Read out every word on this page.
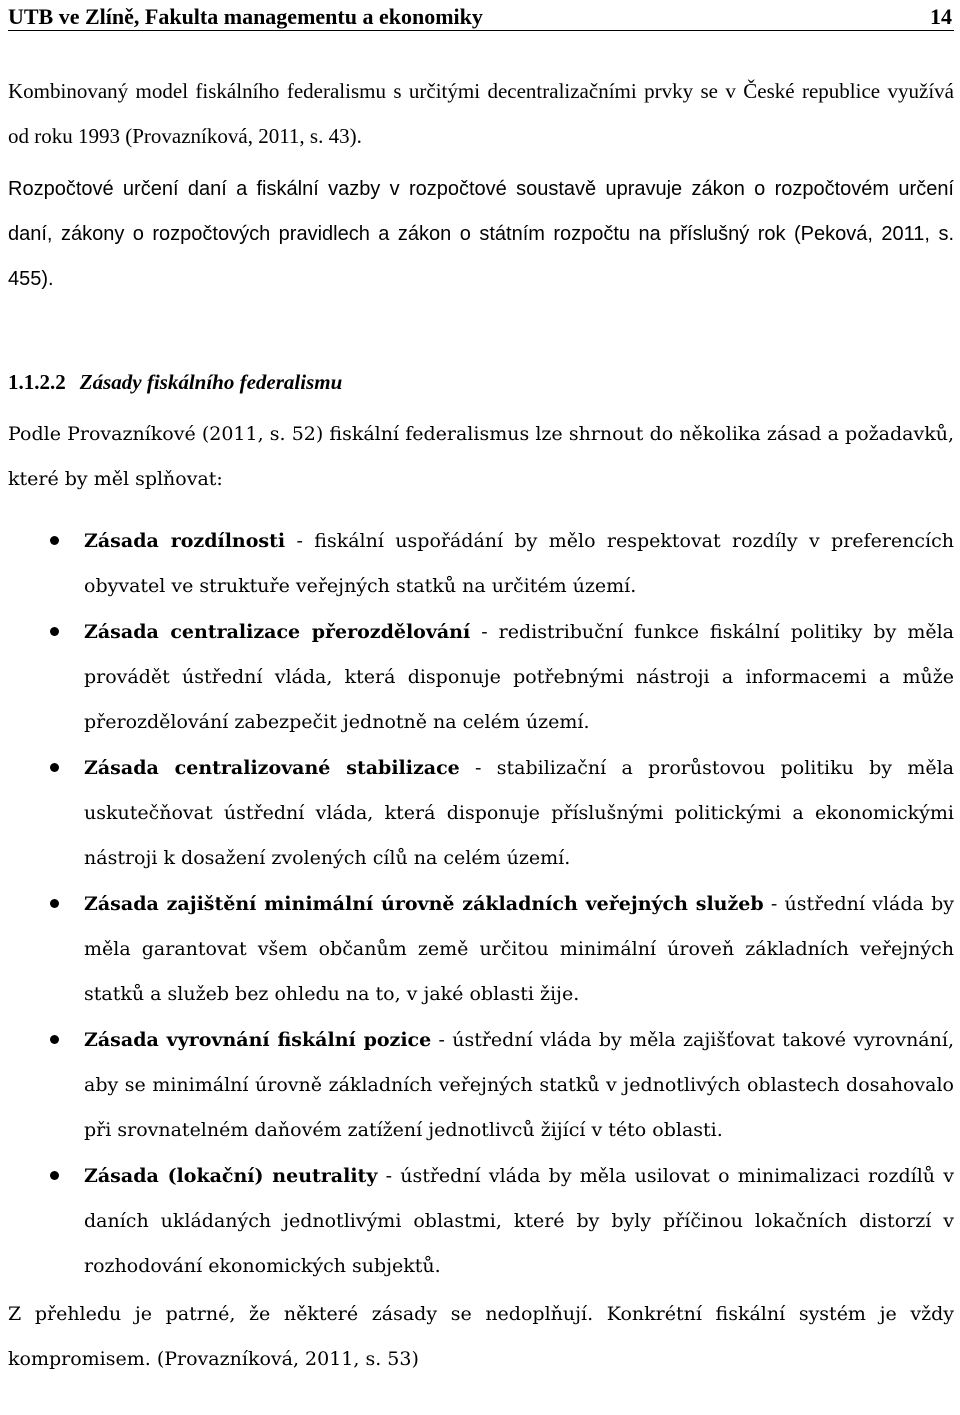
UTB ve Zlíně, Fakulta managementu a ekonomiky	14

Kombinovaný model fiskálního federalismu s určitými decentralizačními prvky se v České republice využívá od roku 1993 (Provazníková, 2011, s. 43).

Rozpočtové určení daní a fiskální vazby v rozpočtové soustavě upravuje zákon o rozpočtovém určení daní, zákony o rozpočtových pravidlech a zákon o státním rozpočtu na příslušný rok (Peková, 2011, s. 455).

1.1.2.2 Zásady fiskálního federalismu

Podle Provazníkové (2011, s. 52) fiskální federalismus lze shrnout do několika zásad a požadavků, které by měl splňovat:

Zásada rozdílnosti - fiskální uspořádání by mělo respektovat rozdíly v preferencích obyvatel ve struktuře veřejných statků na určitém území.
Zásada centralizace přerozdělování - redistribuční funkce fiskální politiky by měla provádět ústřední vláda, která disponuje potřebnými nástroji a informacemi a může přerozdělování zabezpečit jednotně na celém území.
Zásada centralizované stabilizace - stabilizační a prorůstovou politiku by měla uskutečňovat ústřední vláda, která disponuje příslušnými politickými a ekonomickými nástroji k dosažení zvolených cílů na celém území.
Zásada zajištění minimální úrovně základních veřejných služeb - ústřední vláda by měla garantovat všem občanům země určitou minimální úroveň základních veřejných statků a služeb bez ohledu na to, v jaké oblasti žije.
Zásada vyrovnání fiskální pozice - ústřední vláda by měla zajišťovat takové vyrovnání, aby se minimální úrovně základních veřejných statků v jednotlivých oblastech dosahovalo při srovnatelném daňovém zatížení jednotlivců žijící v této oblasti.
Zásada (lokační) neutrality - ústřední vláda by měla usilovat o minimalizaci rozdílů v daních ukládaných jednotlivými oblastmi, které by byly příčinou lokačních distorzí v rozhodování ekonomických subjektů.

Z přehledu je patrné, že některé zásady se nedoplňují. Konkrétní fiskální systém je vždy kompromisem. (Provazníková, 2011, s. 53)
